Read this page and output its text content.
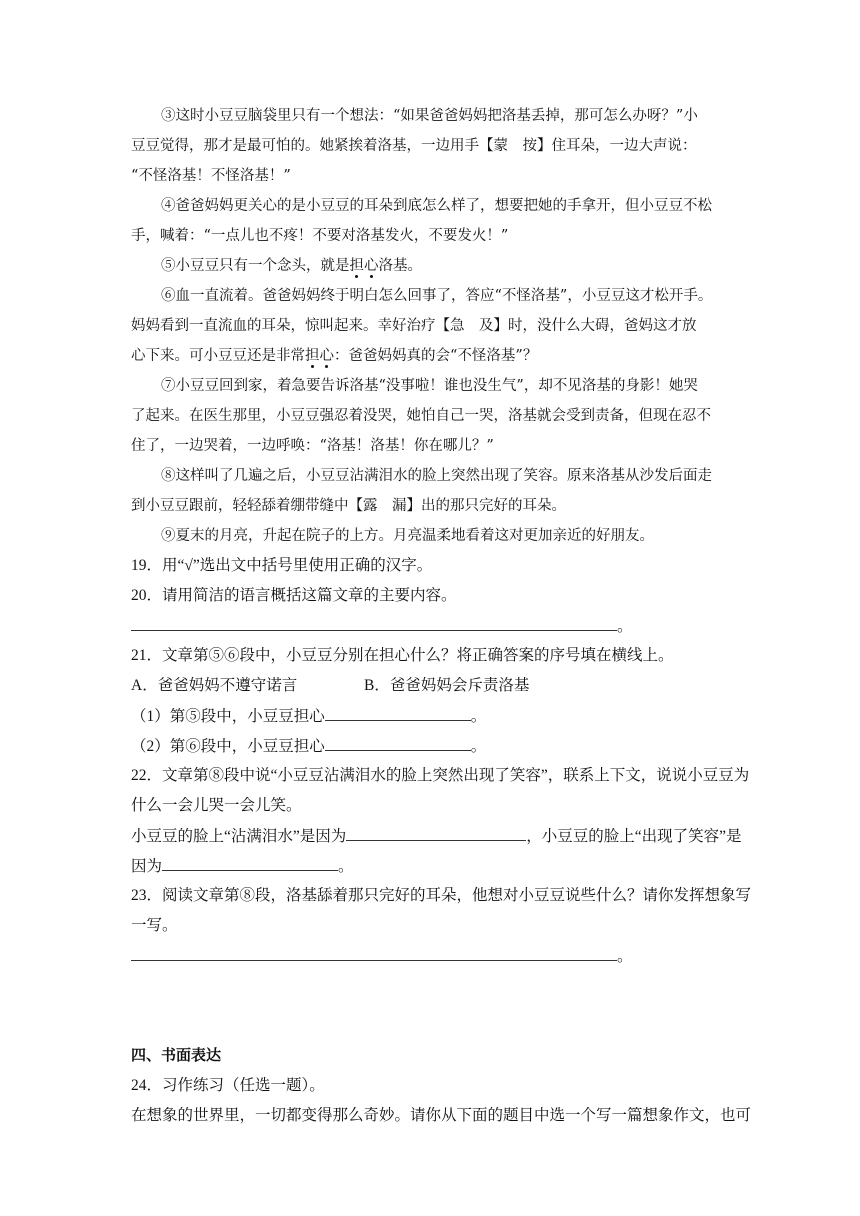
③这时小豆豆脑袋里只有一个想法：“如果爸爸妈妈把洛基丢掉，那可怎么办呀？”小
豆豆觉得，那才是最可怕的。她紧挨着洛基，一边用手【蒙　按】住耳朵，一边大声说：
“不怪洛基！不怪洛基！”
④爸爸妈妈更关心的是小豆豆的耳朵到底怎么样了，想要把她的手拿开，但小豆豆不松
手，喊着：“一点儿也不疼！不要对洛基发火，不要发火！”
⑤小豆豆只有一个念头，就是担心洛基。
⑥血一直流着。爸爸妈妈终于明白怎么回事了，答应“不怪洛基”，小豆豆这才松开手。
妈妈看到一直流血的耳朵，惊叫起来。幸好治疗【急　及】时，没什么大碍，爸妈这才放
心下来。可小豆豆还是非常担心：爸爸妈妈真的会“不怪洛基”？
⑦小豆豆回到家，着急要告诉洛基“没事啦！谁也没生气”，却不见洛基的身影！她哭
了起来。在医生那里，小豆豆强忍着没哭，她怕自己一哭，洛基就会受到责备，但现在忍不
住了，一边哭着，一边呼唤：“洛基！洛基！你在哪儿？”
⑧这样叫了几遍之后，小豆豆沾满泪水的脸上突然出现了笑容。原来洛基从沙发后面走
到小豆豆跟前，轻轻舔着绷带缝中【露　漏】出的那只完好的耳朵。
⑨夏末的月亮，升起在院子的上方。月亮温柔地看着这对更加亲近的好朋友。
19．用“√”选出文中括号里使用正确的汉字。
20．请用简洁的语言概括这篇文章的主要内容。
。
21．文章第⑤⑥段中，小豆豆分别在担心什么？将正确答案的序号填在横线上。
A．爸爸妈妈不遵守诺言	B．爸爸妈妈会斥责洛基
（1）第⑤段中，小豆豆担心	。
（2）第⑥段中，小豆豆担心	。
22．文章第⑧段中说“小豆豆沾满泪水的脸上突然出现了笑容”，联系上下文，说说小豆豆为
什么一会儿哭一会儿笑。
小豆豆的脸上“沾满泪水”是因为	，小豆豆的脸上“出现了笑容”是
因为	。
23．阅读文章第⑧段，洛基舔着那只完好的耳朵，他想对小豆豆说些什么？请你发挥想象写
一写。
。
四、书面表达
24．习作练习（任选一题）。
在想象的世界里，一切都变得那么奇妙。请你从下面的题目中选一个写一篇想象作文，也可
